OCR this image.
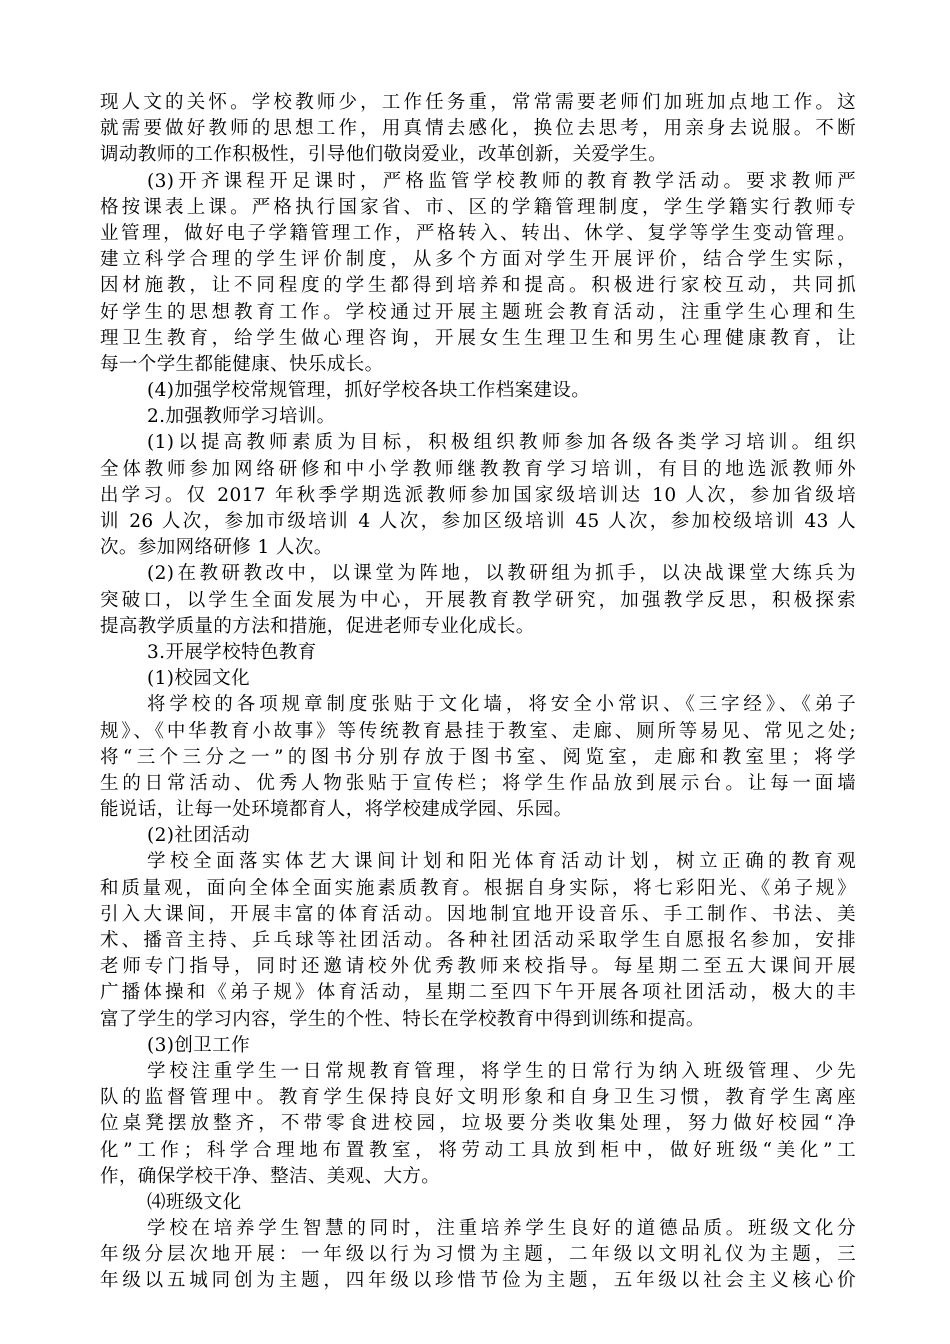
现人文的关怀。学校教师少，工作任务重，常常需要老师们加班加点地工作。这
就需要做好教师的思想工作，用真情去感化，换位去思考，用亲身去说服。不断
调动教师的工作积极性，引导他们敬岗爱业，改革创新，关爱学生。
(3)开齐课程开足课时，严格监管学校教师的教育教学活动。要求教师严
格按课表上课。严格执行国家省、市、区的学籍管理制度，学生学籍实行教师专
业管理，做好电子学籍管理工作，严格转入、转出、休学、复学等学生变动管理。
建立科学合理的学生评价制度，从多个方面对学生开展评价，结合学生实际，
因材施教，让不同程度的学生都得到培养和提高。积极进行家校互动，共同抓
好学生的思想教育工作。学校通过开展主题班会教育活动，注重学生心理和生
理卫生教育，给学生做心理咨询，开展女生生理卫生和男生心理健康教育，让
每一个学生都能健康、快乐成长。
(4)加强学校常规管理，抓好学校各块工作档案建设。
2.加强教师学习培训。
(1)以提高教师素质为目标，积极组织教师参加各级各类学习培训。组织
全体教师参加网络研修和中小学教师继教教育学习培训，有目的地选派教师外
出学习。仅 2017 年秋季学期选派教师参加国家级培训达 10 人次，参加省级培
训 26 人次，参加市级培训 4 人次，参加区级培训 45 人次，参加校级培训 43 人
次。参加网络研修 1 人次。
(2)在教研教改中，以课堂为阵地，以教研组为抓手，以决战课堂大练兵为
突破口，以学生全面发展为中心，开展教育教学研究，加强教学反思，积极探索
提高教学质量的方法和措施，促进老师专业化成长。
3.开展学校特色教育
(1)校园文化
将学校的各项规章制度张贴于文化墙，将安全小常识、《三字经》、《弟子
规》、《中华教育小故事》等传统教育悬挂于教室、走廊、厕所等易见、常见之处;
将“三个三分之一”的图书分别存放于图书室、阅览室，走廊和教室里；将学
生的日常活动、优秀人物张贴于宣传栏；将学生作品放到展示台。让每一面墙
能说话，让每一处环境都育人，将学校建成学园、乐园。
(2)社团活动
学校全面落实体艺大课间计划和阳光体育活动计划，树立正确的教育观
和质量观，面向全体全面实施素质教育。根据自身实际，将七彩阳光、《弟子规》
引入大课间，开展丰富的体育活动。因地制宜地开设音乐、手工制作、书法、美
术、播音主持、乒乓球等社团活动。各种社团活动采取学生自愿报名参加，安排
老师专门指导，同时还邀请校外优秀教师来校指导。每星期二至五大课间开展
广播体操和《弟子规》体育活动，星期二至四下午开展各项社团活动，极大的丰
富了学生的学习内容，学生的个性、特长在学校教育中得到训练和提高。
(3)创卫工作
学校注重学生一日常规教育管理，将学生的日常行为纳入班级管理、少先
队的监督管理中。教育学生保持良好文明形象和自身卫生习惯，教育学生离座
位桌凳摆放整齐，不带零食进校园，垃圾要分类收集处理，努力做好校园“净
化”工作；科学合理地布置教室，将劳动工具放到柜中，做好班级“美化”工
作，确保学校干净、整洁、美观、大方。
⑷班级文化
学校在培养学生智慧的同时，注重培养学生良好的道德品质。班级文化分
年级分层次地开展：一年级以行为习惯为主题，二年级以文明礼仪为主题，三
年级以五城同创为主题，四年级以珍惜节俭为主题，五年级以社会主义核心价
